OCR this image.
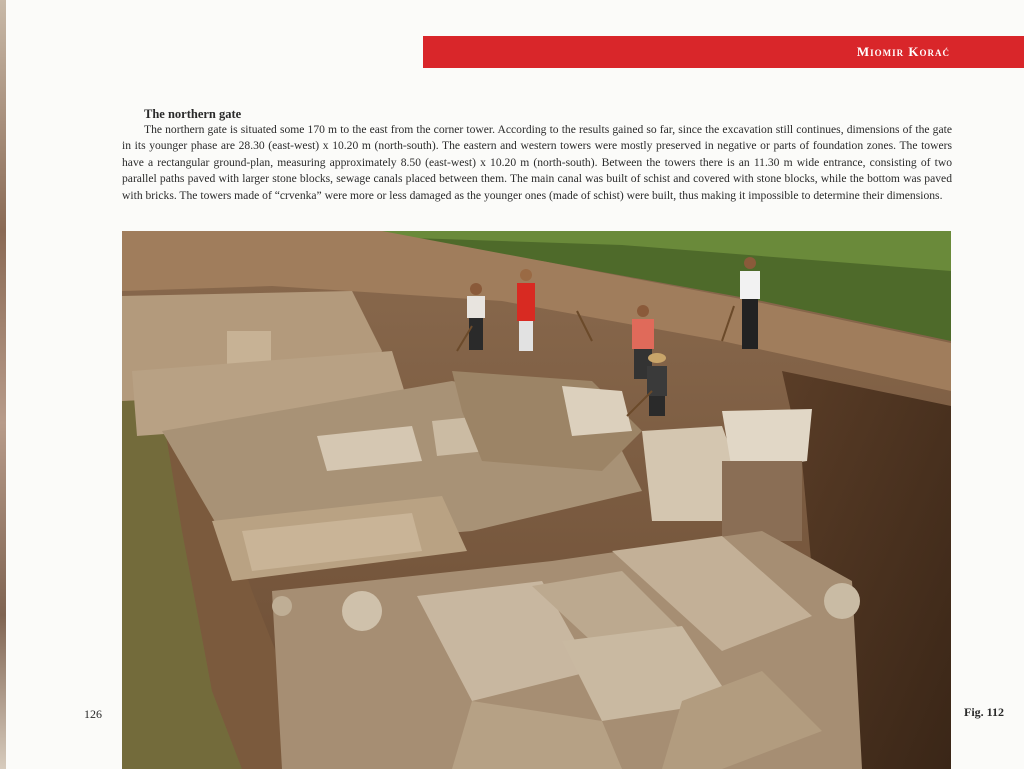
Miomir Korać

The northern gate

The northern gate is situated some 170 m to the east from the corner tower. According to the results gained so far, since the excavation still continues, dimensions of the gate in its younger phase are 28.30 (east-west) x 10.20 m (north-south). The eastern and western towers were mostly preserved in negative or parts of foundation zones. The towers have a rectangular ground-plan, measuring approximately 8.50 (east-west) x 10.20 m (north-south). Between the towers there is an 11.30 m wide entrance, consisting of two parallel paths paved with larger stone blocks, sewage canals placed between them. The main canal was built of schist and covered with stone blocks, while the bottom was paved with bricks. The towers made of “crvenka” were more or less damaged as the younger ones (made of schist) were built, thus making it impossible to determine their dimensions.

126	Fig. 112
